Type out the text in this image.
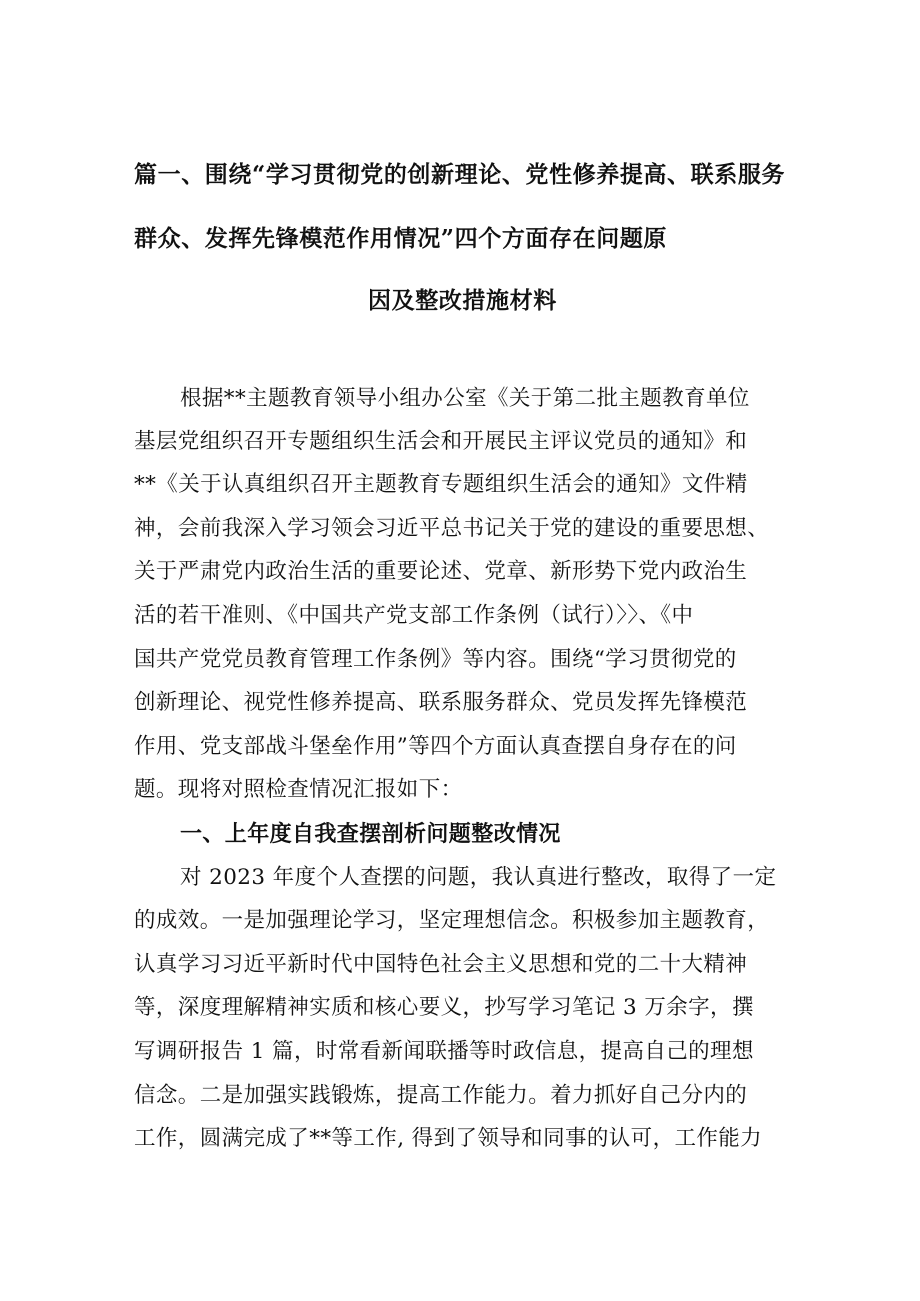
篇一、围绕“学习贯彻党的创新理论、党性修养提高、联系服务
群众、发挥先锋模范作用情况”四个方面存在问题原
因及整改措施材料
根据**主题教育领导小组办公室《关于第二批主题教育单位
基层党组织召开专题组织生活会和开展民主评议党员的通知》和
**《关于认真组织召开主题教育专题组织生活会的通知》文件精
神，会前我深入学习领会习近平总书记关于党的建设的重要思想、
关于严肃党内政治生活的重要论述、党章、新形势下党内政治生
活的若干准则、《中国共产党支部工作条例（试行）〉〉、《中
国共产党党员教育管理工作条例》等内容。围绕“学习贯彻党的
创新理论、视党性修养提高、联系服务群众、党员发挥先锋模范
作用、党支部战斗堡垒作用”等四个方面认真查摆自身存在的问
题。现将对照检查情况汇报如下：
一、上年度自我查摆剖析问题整改情况
对 2023 年度个人查摆的问题，我认真进行整改，取得了一定
的成效。一是加强理论学习，坚定理想信念。积极参加主题教育，
认真学习习近平新时代中国特色社会主义思想和党的二十大精神
等，深度理解精神实质和核心要义，抄写学习笔记 3 万余字，撰
写调研报告 1 篇，时常看新闻联播等时政信息，提高自己的理想
信念。二是加强实践锻炼，提高工作能力。着力抓好自己分内的
工作，圆满完成了**等工作, 得到了领导和同事的认可，工作能力
